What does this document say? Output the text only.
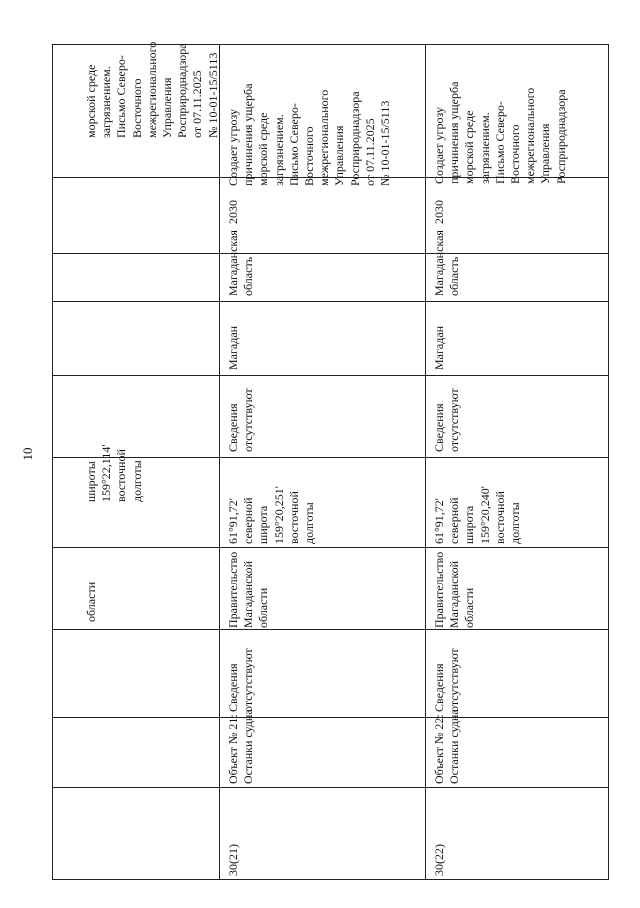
10
морской среде
загрязнением.
Письмо Северо-
Восточного
межрегионального
Управления
Росприроднадзора
от 07.11.2025
№ 10-01-15/5113
широты
159°22,114'
восточной
долготы
области
Создает угрозу
причинения ущерба
морской среде
загрязнением.
Письмо Северо-
Восточного
межрегионального
Управления
Росприроднадзора
от 07.11.2025
№ 10-01-15/5113
2030
Магаданская
область
Магадан
Сведения
отсутствуют
61°91,72'
северной
широта
159°20,251'
восточной
долготы
Правительство
Магаданской
области
Сведения
отсутствуют
Объект № 21:
Останки судна
30(21)
Создает угрозу
причинения ущерба
морской среде
загрязнением.
Письмо Северо-
Восточного
межрегионального
Управления
Росприроднадзора
2030
Магаданская
область
Магадан
Сведения
отсутствуют
61°91,72'
северной
широта
159°20,240'
восточной
долготы
Правительство
Магаданской
области
Сведения
отсутствуют
Объект № 22:
Останки судна
30(22)
